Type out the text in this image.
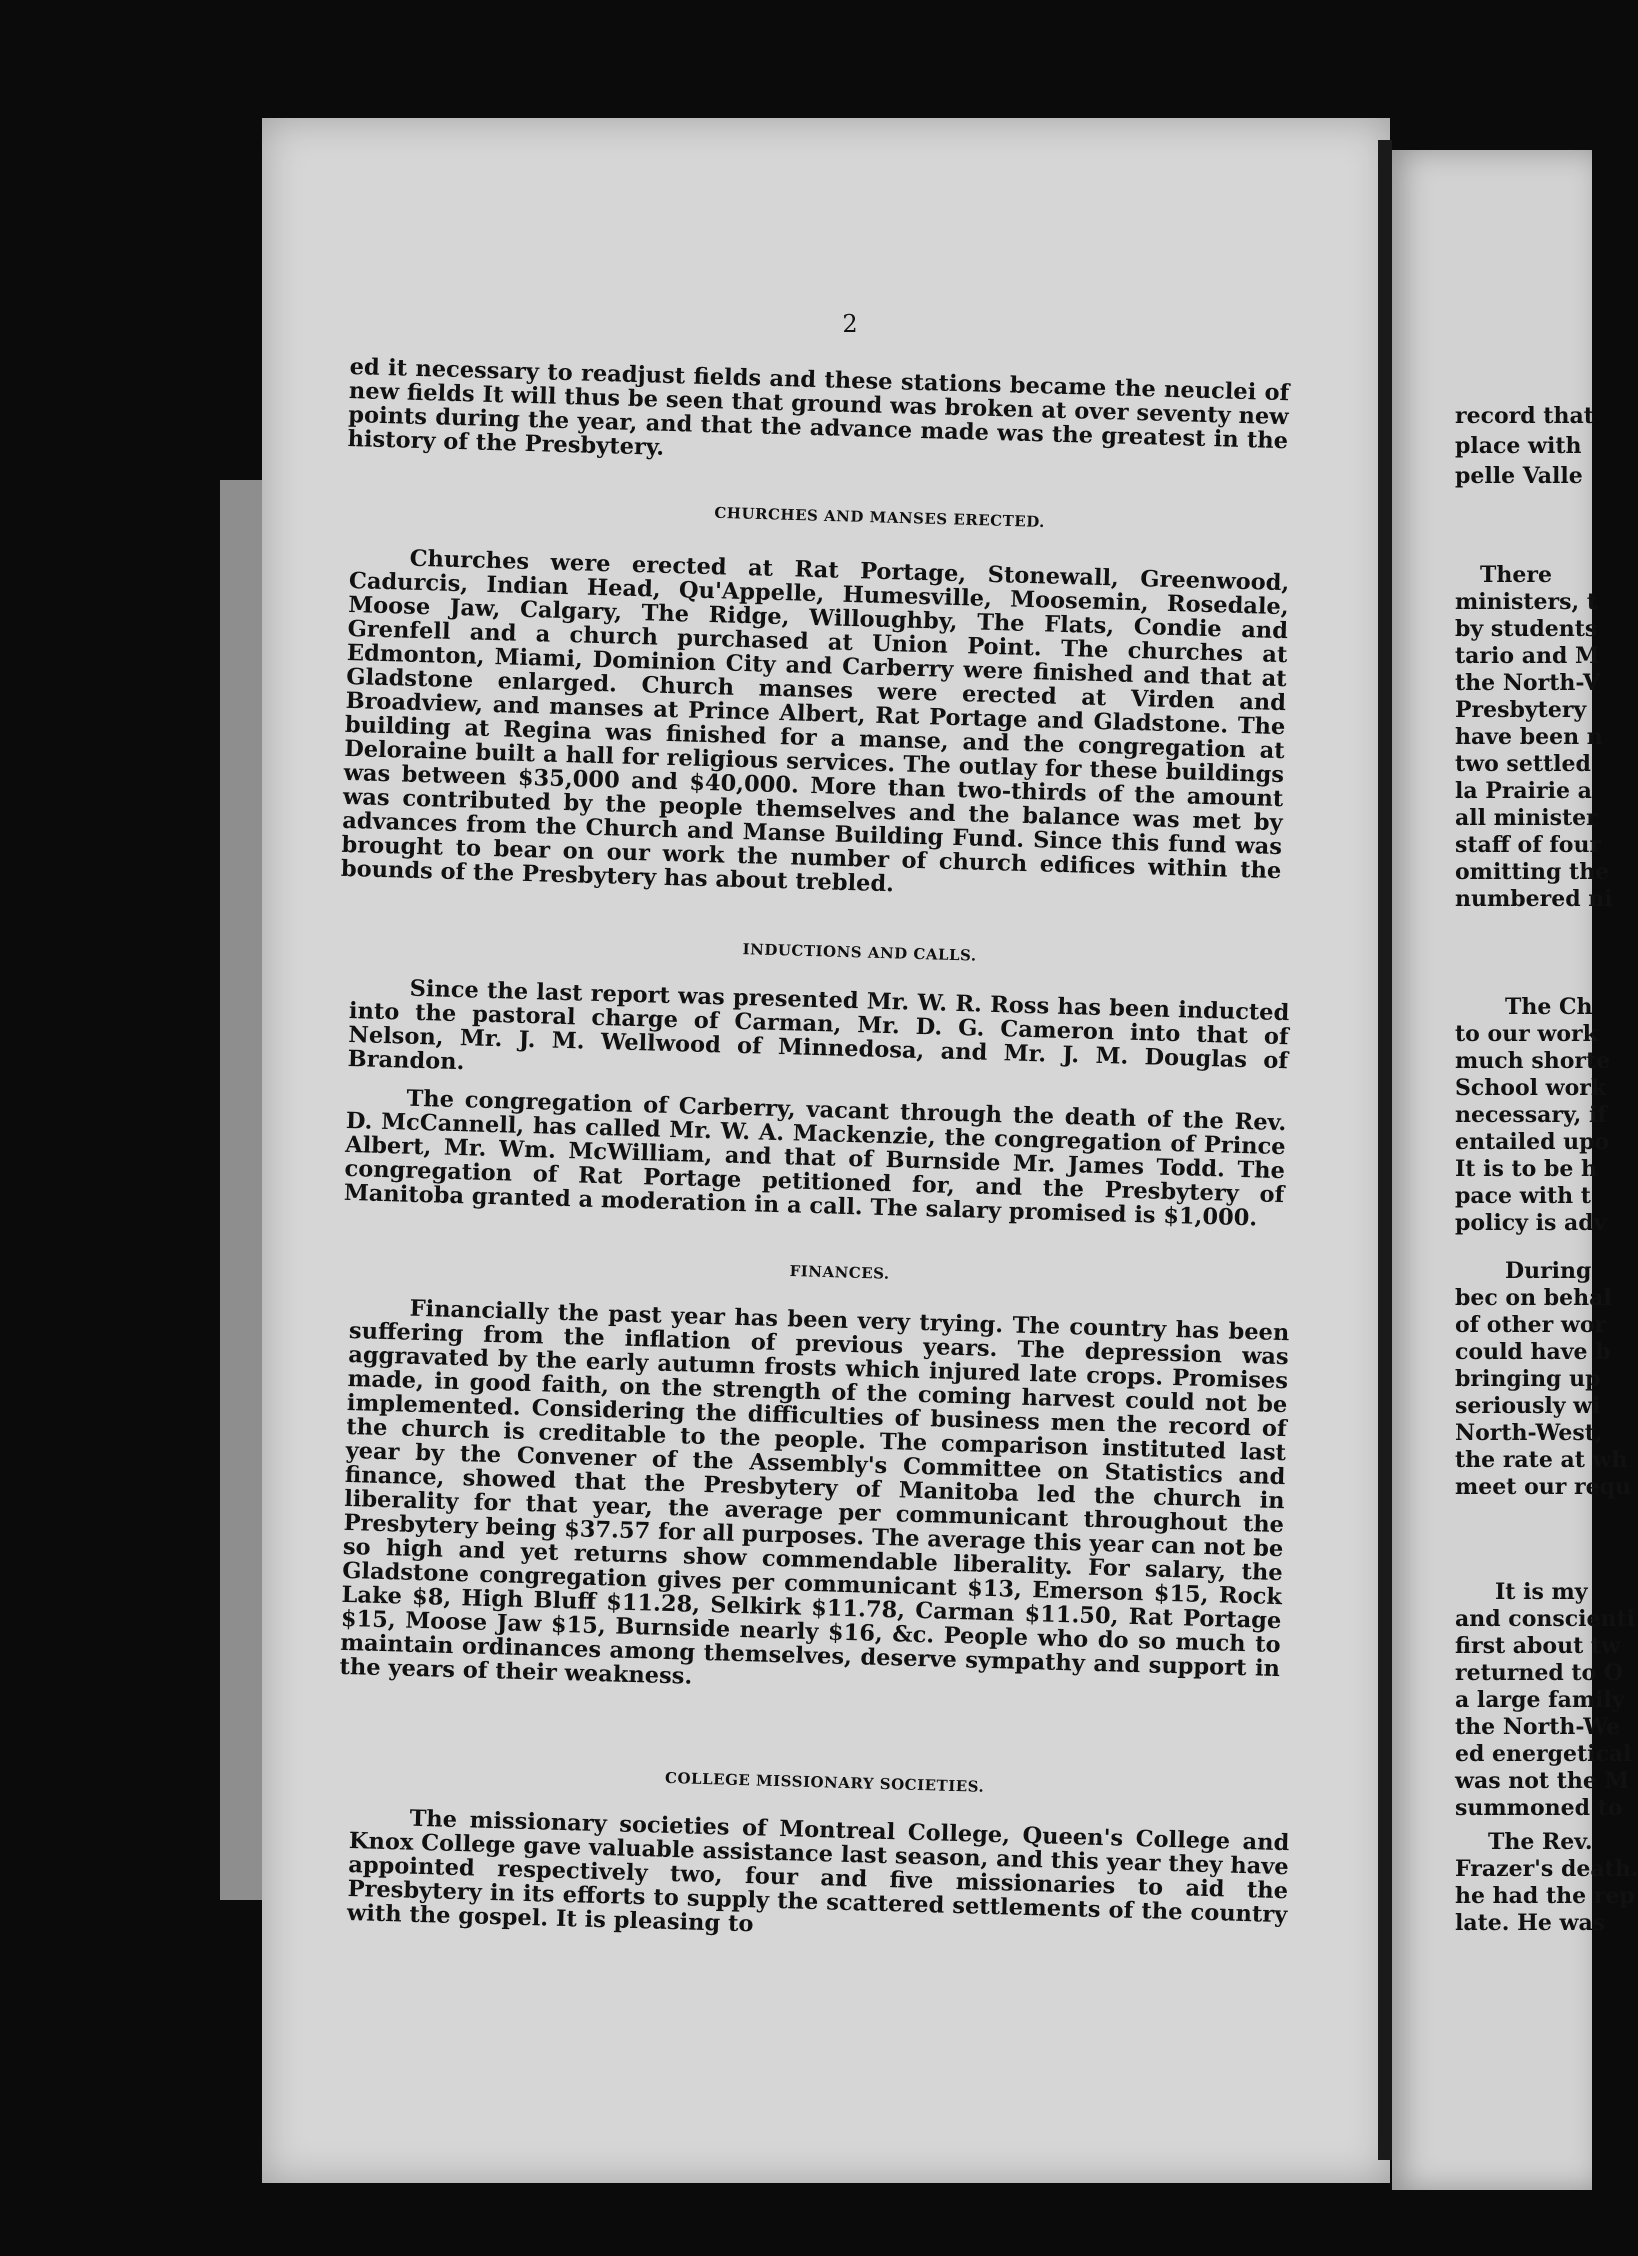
2

ed it necessary to readjust fields and these stations became the neuclei of new fields It will thus be seen that ground was broken at over seventy new points during the year, and that the advance made was the greatest in the history of the Presbytery.

CHURCHES AND MANSES ERECTED.

Churches were erected at Rat Portage, Stonewall, Greenwood, Cadurcis, Indian Head, Qu'Appelle, Humesville, Moosemin, Rosedale, Moose Jaw, Calgary, The Ridge, Willoughby, The Flats, Condie and Grenfell and a church purchased at Union Point. The churches at Edmonton, Miami, Dominion City and Carberry were finished and that at Gladstone enlarged. Church manses were erected at Virden and Broadview, and manses at Prince Albert, Rat Portage and Gladstone. The building at Regina was finished for a manse, and the congregation at Deloraine built a hall for religious services. The outlay for these buildings was between $35,000 and $40,000. More than two-thirds of the amount was contributed by the people themselves and the balance was met by advances from the Church and Manse Building Fund. Since this fund was brought to bear on our work the number of church edifices within the bounds of the Presbytery has about trebled.

INDUCTIONS AND CALLS.

Since the last report was presented Mr. W. R. Ross has been inducted into the pastoral charge of Carman, Mr. D. G. Cameron into that of Nelson, Mr. J. M. Wellwood of Minnedosa, and Mr. J. M. Douglas of Brandon.

The congregation of Carberry, vacant through the death of the Rev. D. McCannell, has called Mr. W. A. Mackenzie, the congregation of Prince Albert, Mr. Wm. McWilliam, and that of Burnside Mr. James Todd. The congregation of Rat Portage petitioned for, and the Presbytery of Manitoba granted a moderation in a call. The salary promised is $1,000.

FINANCES.

Financially the past year has been very trying. The country has been suffering from the inflation of previous years. The depression was aggravated by the early autumn frosts which injured late crops. Promises made, in good faith, on the strength of the coming harvest could not be implemented. Considering the difficulties of business men the record of the church is creditable to the people. The comparison instituted last year by the Convener of the Assembly's Committee on Statistics and finance, showed that the Presbytery of Manitoba led the church in liberality for that year, the average per communicant throughout the Presbytery being $37.57 for all purposes. The average this year can not be so high and yet returns show commendable liberality. For salary, the Gladstone congregation gives per communicant $13, Emerson $15, Rock Lake $8, High Bluff $11.28, Selkirk $11.78, Carman $11.50, Rat Portage $15, Moose Jaw $15, Burnside nearly $16, &c. People who do so much to maintain ordinances among themselves, deserve sympathy and support in the years of their weakness.

COLLEGE MISSIONARY SOCIETIES.

The missionary societies of Montreal College, Queen's College and Knox College gave valuable assistance last season, and this year they have appointed respectively two, four and five missionaries to aid the Presbytery in its efforts to supply the scattered settlements of the country with the gospel. It is pleasing to

record that
place with
pelle Valle
There
ministers, t
by students
tario and M
the North-V
Presbytery
have been n
two settled
la Prairie a
all minister
staff of four
omitting the
numbered ni
The Ch
to our work
much shorte
School work
necessary, if
entailed upo
It is to be h
pace with t
policy is adv
During
bec on behal
of other wor
could have b
bringing up
seriously wi
North-West,
the rate at wh
meet our requ
It is my
and conscienti
first about tw
returned to O
a large family
the North-We
ed energetical
was not the M
summoned to
The Rev.
Frazer's death.
he had the rep
late. He was
